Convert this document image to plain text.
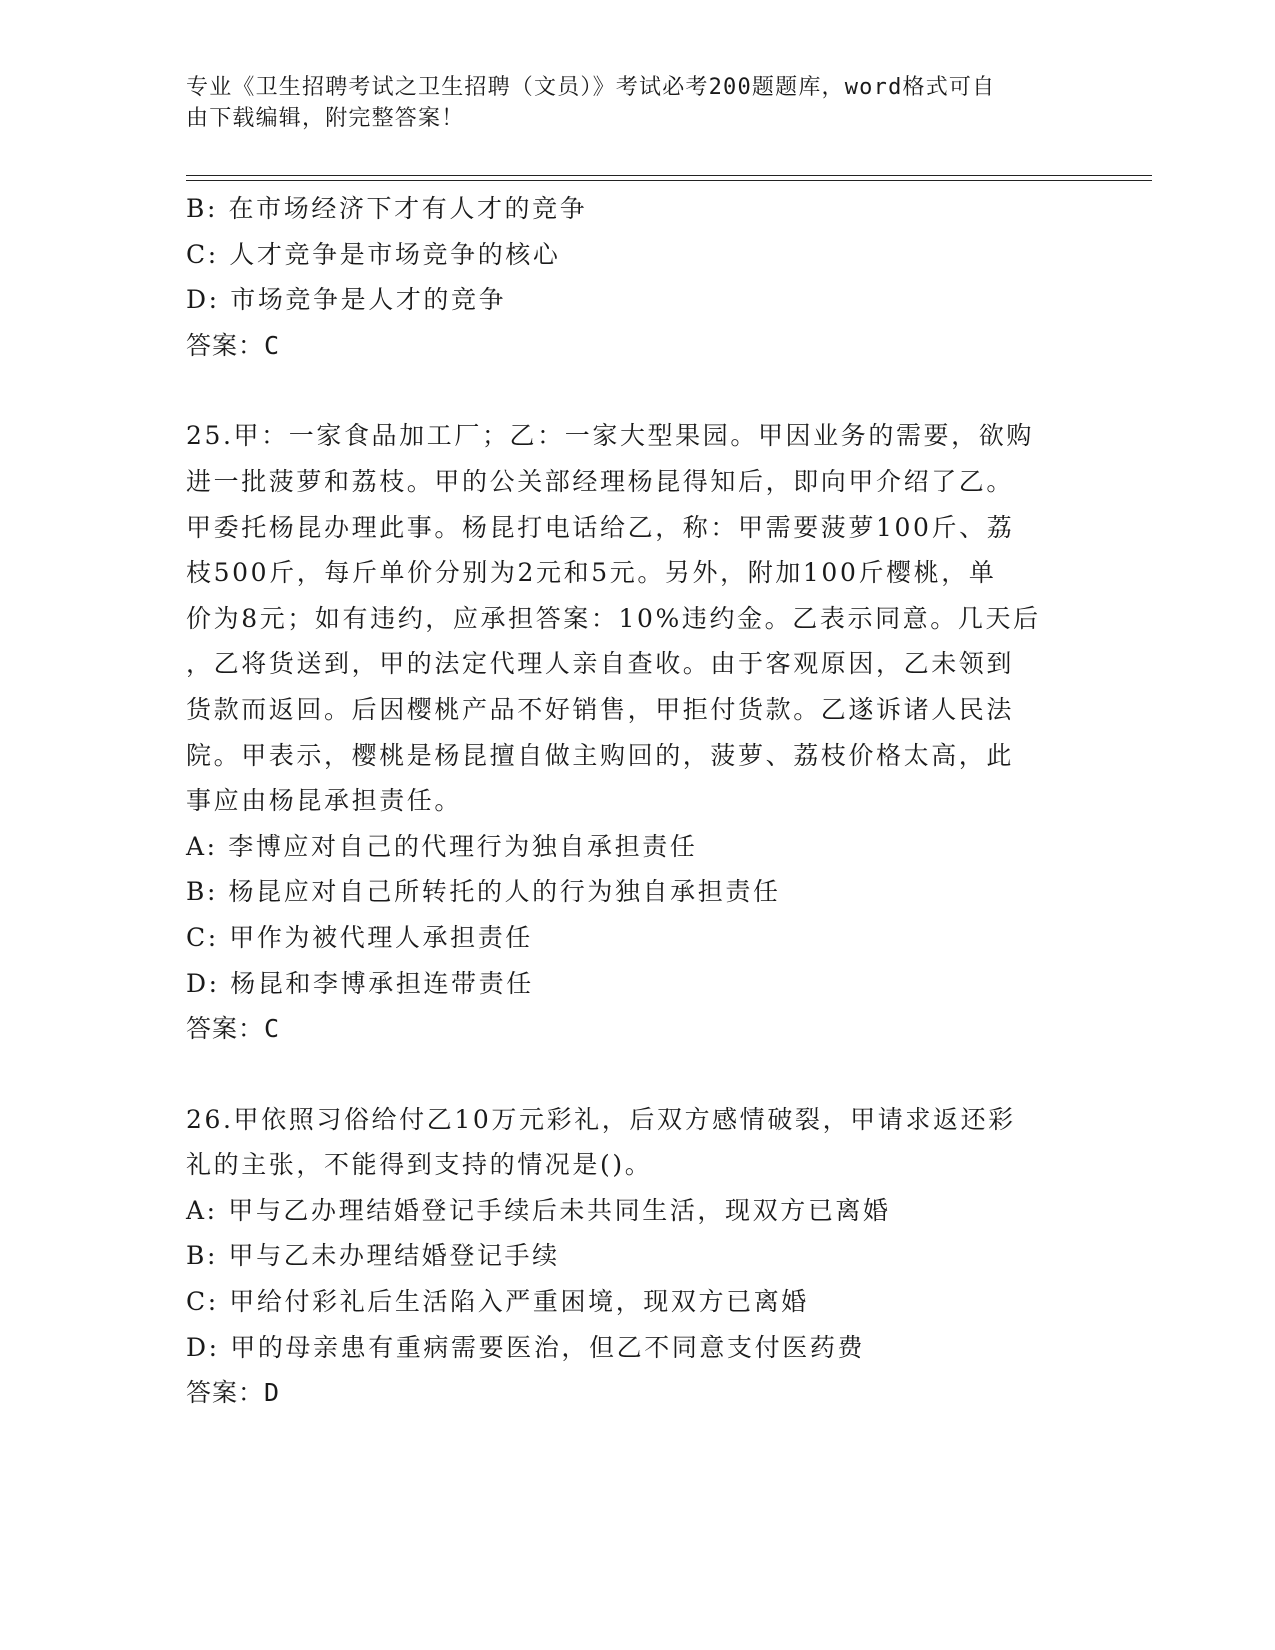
专业《卫生招聘考试之卫生招聘（文员）》考试必考200题题库，word格式可自
由下载编辑，附完整答案！
B: 在市场经济下才有人才的竞争
C: 人才竞争是市场竞争的核心
D: 市场竞争是人才的竞争
答案：C
25.甲：一家食品加工厂；乙：一家大型果园。甲因业务的需要，欲购
进一批菠萝和荔枝。甲的公关部经理杨昆得知后，即向甲介绍了乙。
甲委托杨昆办理此事。杨昆打电话给乙，称：甲需要菠萝100斤、荔
枝500斤，每斤单价分别为2元和5元。另外，附加100斤樱桃，单
价为8元；如有违约，应承担答案：10%违约金。乙表示同意。几天后
，乙将货送到，甲的法定代理人亲自查收。由于客观原因，乙未领到
货款而返回。后因樱桃产品不好销售，甲拒付货款。乙遂诉诸人民法
院。甲表示，樱桃是杨昆擅自做主购回的，菠萝、荔枝价格太高，此
事应由杨昆承担责任。
A: 李博应对自己的代理行为独自承担责任
B: 杨昆应对自己所转托的人的行为独自承担责任
C: 甲作为被代理人承担责任
D: 杨昆和李博承担连带责任
答案：C
26.甲依照习俗给付乙10万元彩礼，后双方感情破裂，甲请求返还彩
礼的主张，不能得到支持的情况是()。
A: 甲与乙办理结婚登记手续后未共同生活，现双方已离婚
B: 甲与乙未办理结婚登记手续
C: 甲给付彩礼后生活陷入严重困境，现双方已离婚
D: 甲的母亲患有重病需要医治，但乙不同意支付医药费
答案：D
